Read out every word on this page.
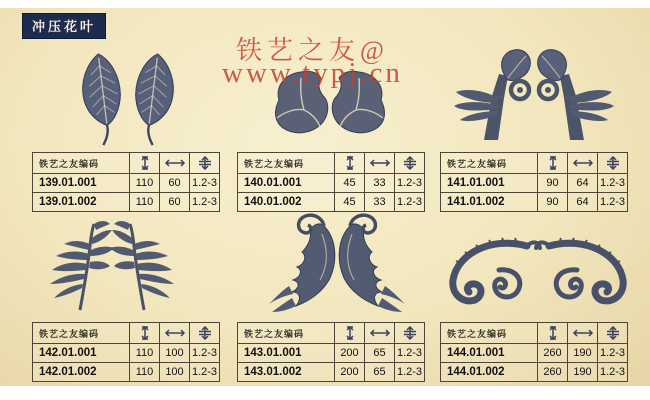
冲压花叶
铁艺之友@
www.typj.cn
铁艺之友编码			
139.01.001	110	60	1.2-3
139.01.002	110	60	1.2-3
铁艺之友编码			
140.01.001	45	33	1.2-3
140.01.002	45	33	1.2-3
铁艺之友编码			
141.01.001	90	64	1.2-3
141.01.002	90	64	1.2-3
铁艺之友编码			
142.01.001	110	100	1.2-3
142.01.002	110	100	1.2-3
铁艺之友编码			
143.01.001	200	65	1.2-3
143.01.002	200	65	1.2-3
铁艺之友编码			
144.01.001	260	190	1.2-3
144.01.002	260	190	1.2-3
